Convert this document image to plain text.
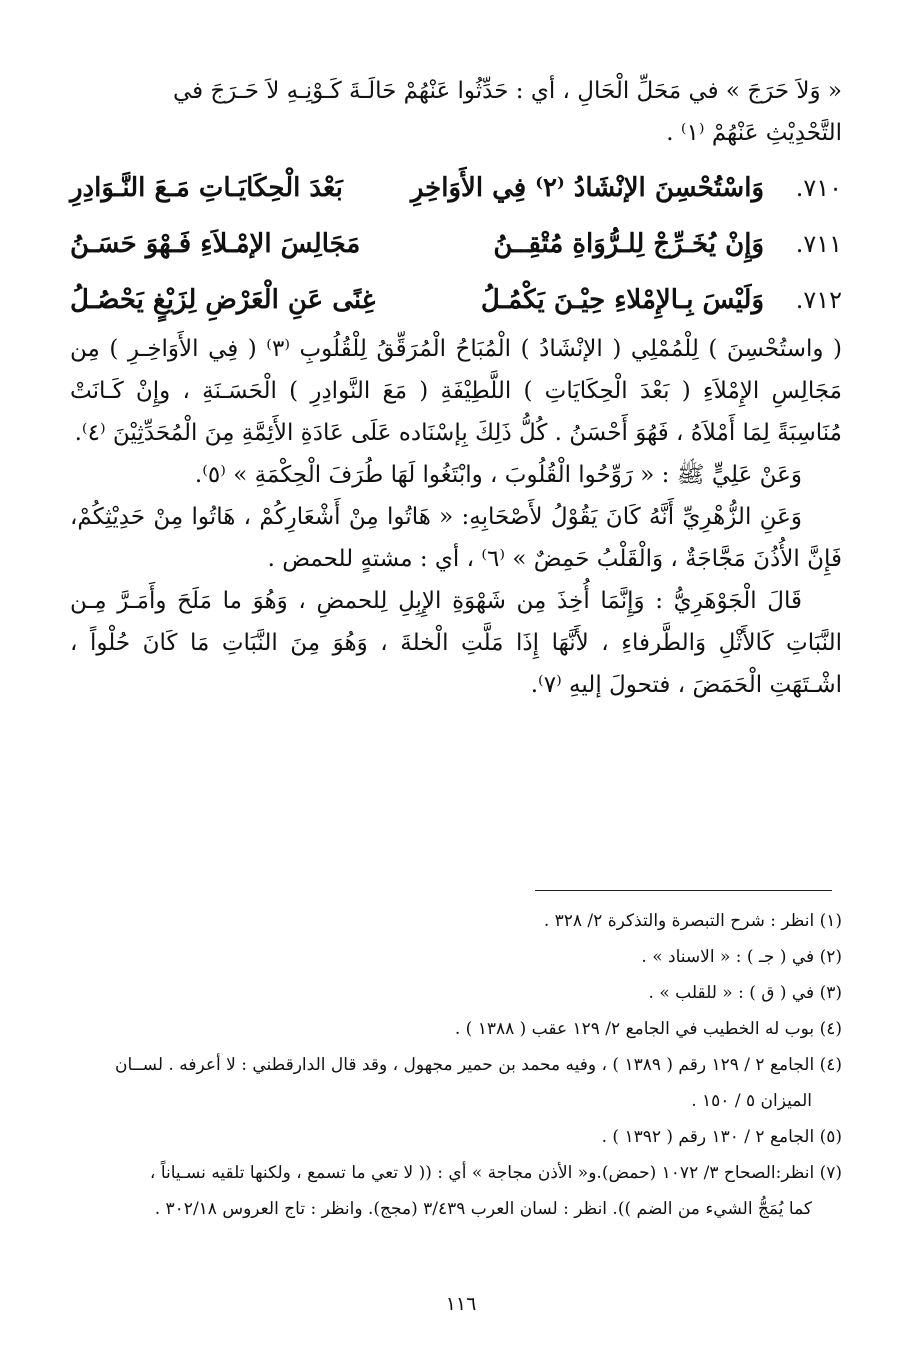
« وَلاَ حَرَجَ » في مَحَلِّ الْحَالِ ، أي : حَدِّثُوا عَنْهُمْ حَالَـةَ كَـوْنِـهِ لاَ حَـرَجَ في

التَّحْدِيْثِ عَنْهُمْ ⁽١⁾ .

٧١٠.
وَاسْتُحْسِنَ الإنْشَادُ ⁽٢⁾ فِي الأَوَاخِرِ
بَعْدَ الْحِكَايَـاتِ مَـعَ النَّـوَادِرِ
٧١١.
وَإِنْ يُخَـرِّجْ لِلـرُّوَاةِ مُتْقِــنُ
مَجَالِسَ الإمْـلاَءِ فَـهْوَ حَسَـنُ
٧١٢.
وَلَيْسَ بِـالإِمْلاءِ حِيْـنَ يَكْمُـلُ
غِنًى عَنِ الْعَرْضِ لِزَيْغٍ يَحْصُـلُ

( واستُحْسِنَ ) لِلْمُمْلِي ( الإنْشَادُ ) الْمُبَاحُ الْمُرَقِّقُ لِلْقُلُوبِ ⁽٣⁾ ( فِي الأَوَاخِـرِ ) مِن مَجَالِسِ الإِمْلاَءِ ( بَعْدَ الْحِكَايَاتِ ) اللَّطِيْفَةِ ( مَعَ النَّوادِرِ ) الْحَسَـنَةِ ، وإِنْ كَـانَتْ مُنَاسِبَةً لِمَا أَمْلاَهُ ، فَهُوَ أَحْسَنُ . كُلُّ ذَلِكَ بِإسْنَاده عَلَى عَادَةِ الأَئِمَّةِ مِنَ الْمُحَدِّثِيْنَ ⁽٤⁾.

وَعَنْ عَلِيٍّ ﷺ : « رَوِّحُوا الْقُلُوبَ ، وابْتَغُوا لَهَا طُرَفَ الْحِكْمَةِ » ⁽٥⁾.

وَعَنِ الزُّهْرِيِّ أَنَّهُ كَانَ يَقُوْلُ لأَصْحَابِهِ: « هَاتُوا مِنْ أَشْعَارِكُمْ ، هَاتُوا مِنْ حَدِيْثِكُمْ، فَإِنَّ الأُذُنَ مَجَّاجَةٌ ، وَالْقَلْبُ حَمِضٌ » ⁽٦⁾ ، أي : مشتهٍ للحمض .

قَالَ الْجَوْهَرِيُّ : وَإِنَّمَا أُخِذَ مِن شَهْوَةِ الإِبِلِ لِلحمضِ ، وَهُوَ ما مَلَحَ وأَمَـرَّ مِـن النَّبَاتِ كَالأَثْلِ وَالطَّرفاءِ ، لأَنَّهَا إِذَا مَلَّتِ الْخلةَ ، وَهُوَ مِنَ النَّبَاتِ مَا كَانَ حُلْواً ، اشْـتَهَتِ الْحَمَضَ ، فتحولَ إليهِ ⁽٧⁾.

(١) انظر : شرح التبصرة والتذكرة ٢/ ٣٢٨ .

(٢) في ( جـ ) : « الاسناد » .

(٣) في ( ق ) : « للقلب » .

(٤) بوب له الخطيب في الجامع ٢/ ١٢٩ عقب ( ١٣٨٨ ) .

(٤) الجامع ٢ / ١٢٩ رقم ( ١٣٨٩ ) ، وفيه محمد بن حمير مجهول ، وقد قال الدارقطني : لا أعرفه . لســان

الميزان ٥ / ١٥٠ .

(٥) الجامع ٢ / ١٣٠ رقم ( ١٣٩٢ ) .

(٧) انظر:الصحاح ٣/ ١٠٧٢ (حمض).و« الأذن مجاجة » أي : (( لا تعي ما تسمع ، ولكنها تلقيه نسـياناً ،

كما يُمَجُّ الشيء من الضم )). انظر : لسان العرب ٣/٤٣٩ (مجج). وانظر : تاج العروس ٣٠٢/١٨ .

١١٦
